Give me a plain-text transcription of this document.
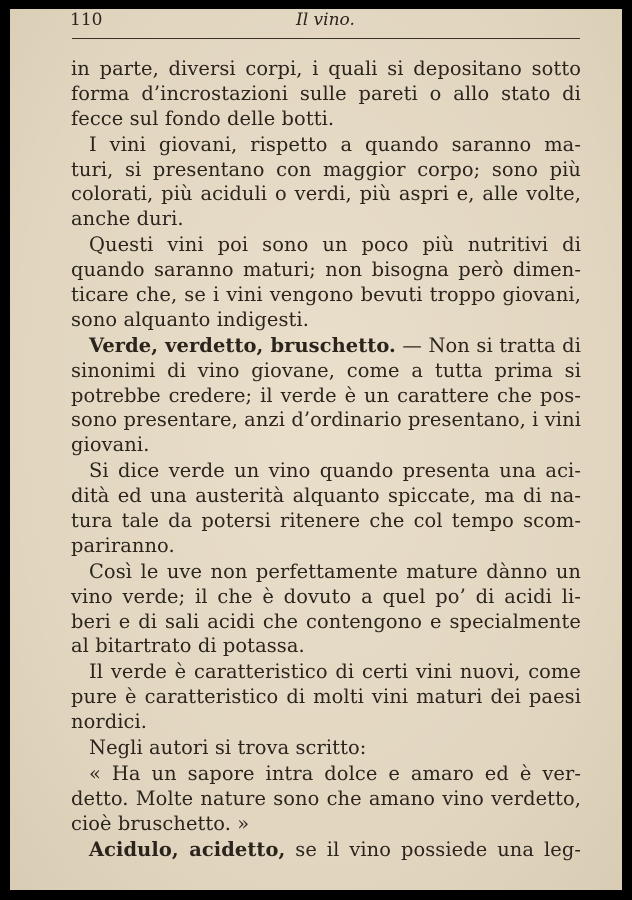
110	Il vino.
in parte, diversi corpi, i quali si depositano sotto
forma d’incrostazioni sulle pareti o allo stato di
fecce sul fondo delle botti.
I vini giovani, rispetto a quando saranno ma-
turi, si presentano con maggior corpo; sono più
colorati, più aciduli o verdi, più aspri e, alle volte,
anche duri.
Questi vini poi sono un poco più nutritivi di
quando saranno maturi; non bisogna però dimen-
ticare che, se i vini vengono bevuti troppo giovani,
sono alquanto indigesti.
Verde, verdetto, bruschetto. — Non si tratta di
sinonimi di vino giovane, come a tutta prima si
potrebbe credere; il verde è un carattere che pos-
sono presentare, anzi d’ordinario presentano, i vini
giovani.
Si dice verde un vino quando presenta una aci-
dità ed una austerità alquanto spiccate, ma di na-
tura tale da potersi ritenere che col tempo scom-
pariranno.
Così le uve non perfettamente mature dànno un
vino verde; il che è dovuto a quel po’ di acidi li-
beri e di sali acidi che contengono e specialmente
al bitartrato di potassa.
Il verde è caratteristico di certi vini nuovi, come
pure è caratteristico di molti vini maturi dei paesi
nordici.
Negli autori si trova scritto:
« Ha un sapore intra dolce e amaro ed è ver-
detto. Molte nature sono che amano vino verdetto,
cioè bruschetto. »
Acidulo, acidetto, se il vino possiede una leg-
